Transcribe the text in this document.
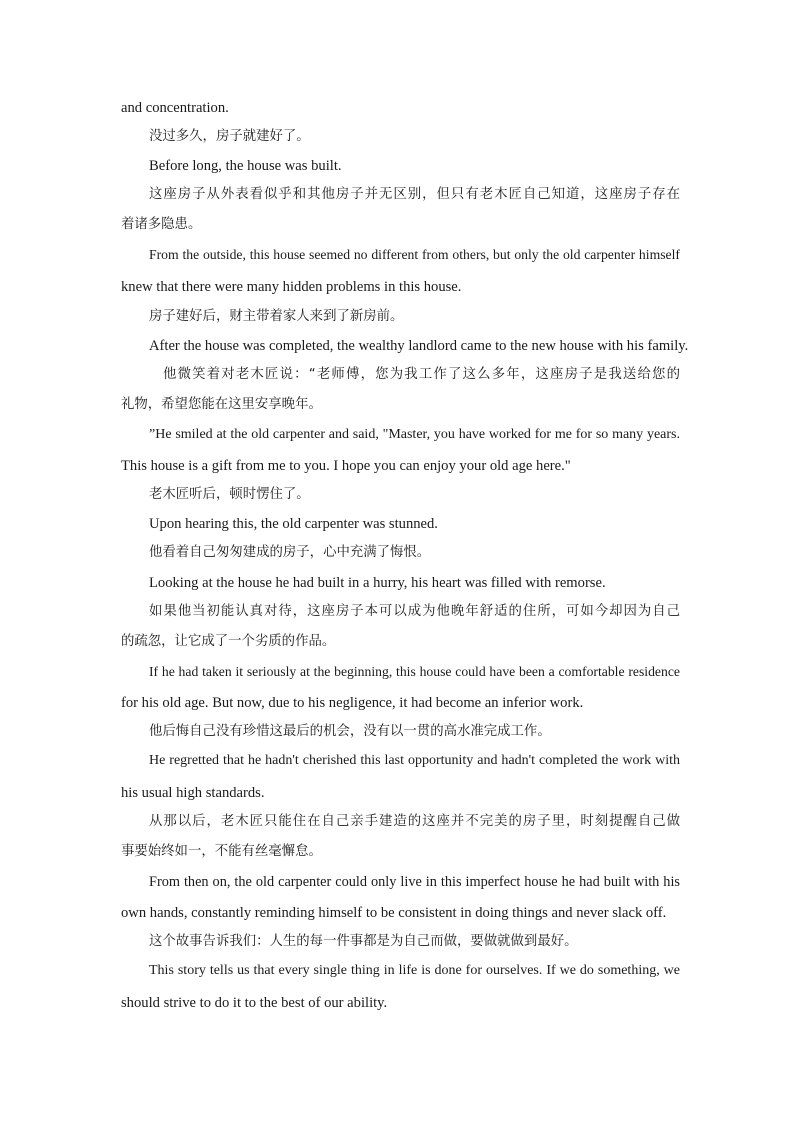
and concentration.
没过多久，房子就建好了。
Before long, the house was built.
这座房子从外表看似乎和其他房子并无区别，但只有老木匠自己知道，这座房子存在
着诸多隐患。
From the outside, this house seemed no different from others, but only the old carpenter himself
knew that there were many hidden problems in this house.
房子建好后，财主带着家人来到了新房前。
After the house was completed, the wealthy landlord came to the new house with his family.
他微笑着对老木匠说：“老师傅，您为我工作了这么多年，这座房子是我送给您的
礼物，希望您能在这里安享晚年。
”He smiled at the old carpenter and said, "Master, you have worked for me for so many years.
This house is a gift from me to you. I hope you can enjoy your old age here."
老木匠听后，顿时愣住了。
Upon hearing this, the old carpenter was stunned.
他看着自己匆匆建成的房子，心中充满了悔恨。
Looking at the house he had built in a hurry, his heart was filled with remorse.
如果他当初能认真对待，这座房子本可以成为他晚年舒适的住所，可如今却因为自己
的疏忽，让它成了一个劣质的作品。
If he had taken it seriously at the beginning, this house could have been a comfortable residence
for his old age. But now, due to his negligence, it had become an inferior work.
他后悔自己没有珍惜这最后的机会，没有以一贯的高水准完成工作。
He regretted that he hadn't cherished this last opportunity and hadn't completed the work with
his usual high standards.
从那以后，老木匠只能住在自己亲手建造的这座并不完美的房子里，时刻提醒自己做
事要始终如一，不能有丝毫懈怠。
From then on, the old carpenter could only live in this imperfect house he had built with his
own hands, constantly reminding himself to be consistent in doing things and never slack off.
这个故事告诉我们：人生的每一件事都是为自己而做，要做就做到最好。
This story tells us that every single thing in life is done for ourselves. If we do something, we
should strive to do it to the best of our ability.
